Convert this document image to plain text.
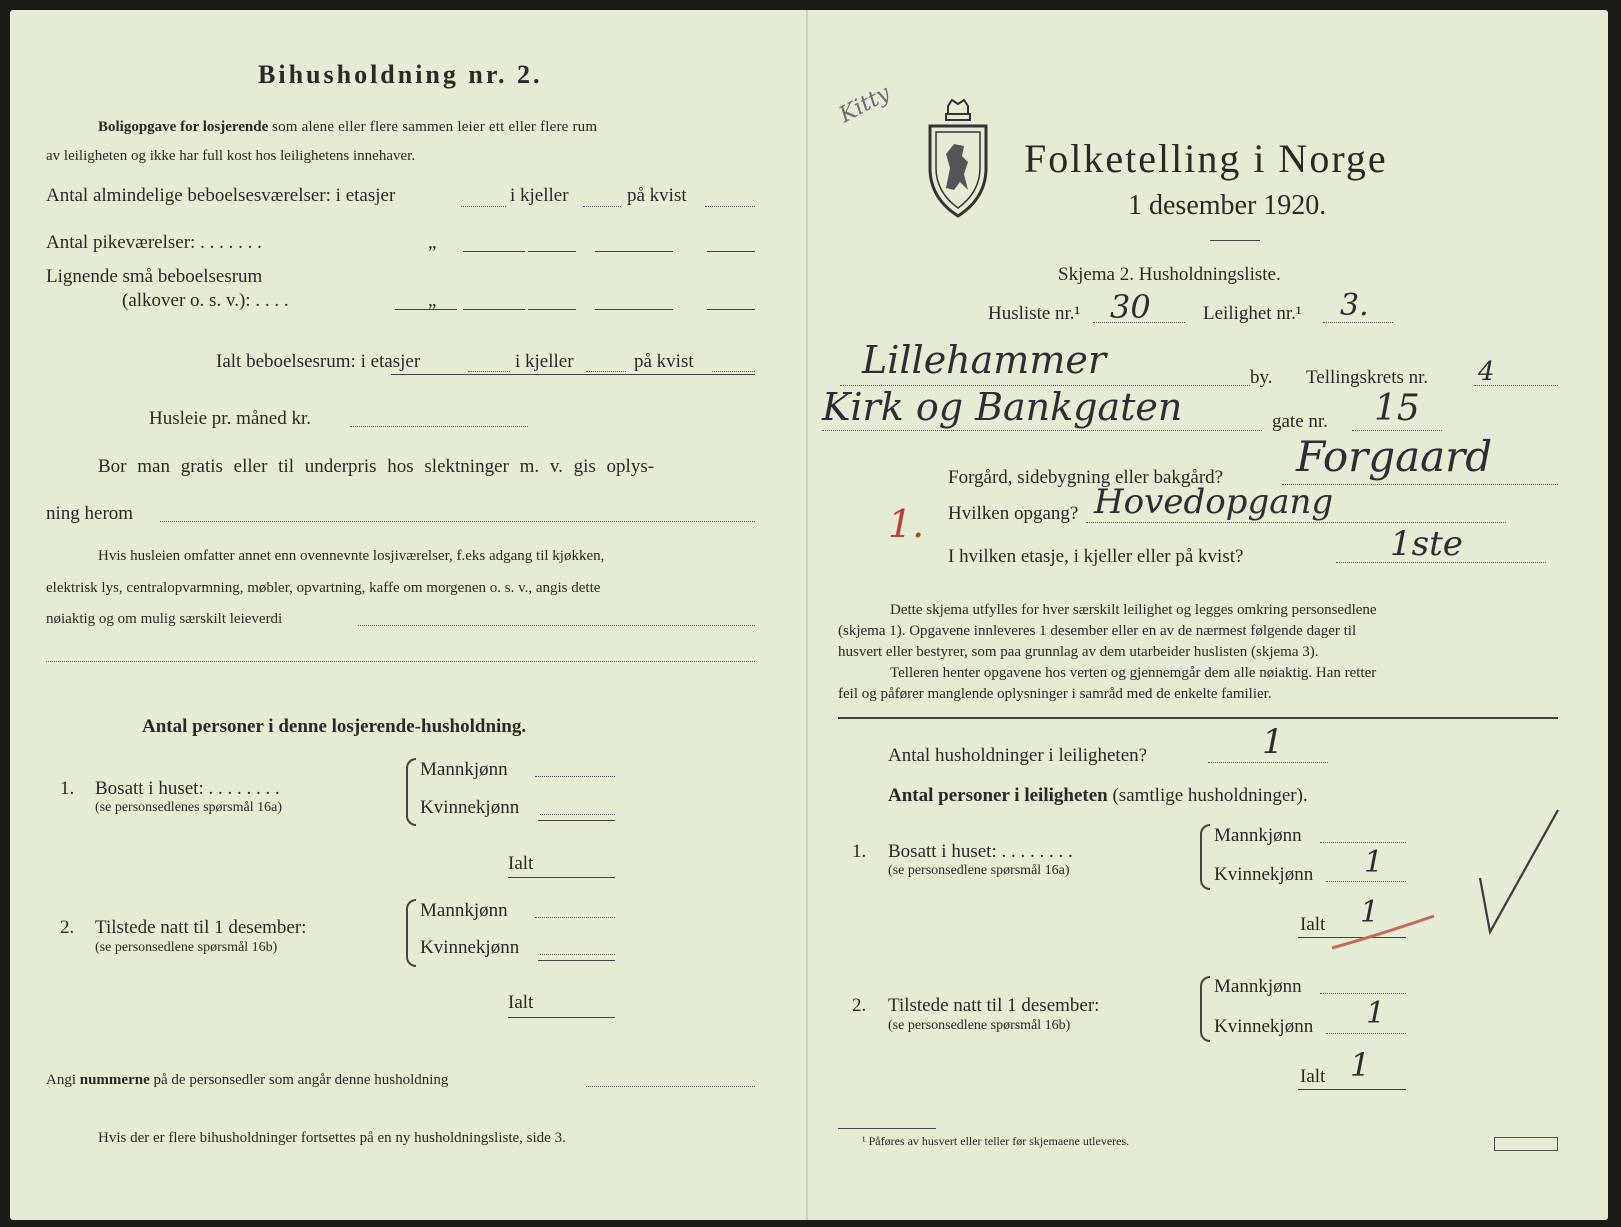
Bihusholdning nr. 2.
Boligopgave for losjerende som alene eller flere sammen leier ett eller flere rum
av leiligheten og ikke har full kost hos leilighetens innehaver.
Antal almindelige beboelsesværelser: i etasjer	i kjeller	på kvist
Antal pikeværelser: . . . . . . .	„
Lignende små beboelsesrum
(alkover o. s. v.): . . . .	„
Ialt beboelsesrum: i etasjer	i kjeller	på kvist
Husleie pr. måned kr.
Bor man gratis eller til underpris hos slektninger m. v. gis oplys-
ning herom
Hvis husleien omfatter annet enn ovennevnte losjiværelser, f.eks adgang til kjøkken,
elektrisk lys, centralopvarmning, møbler, opvartning, kaffe om morgenen o. s. v., angis dette
nøiaktig og om mulig særskilt leieverdi
Antal personer i denne losjerende-husholdning.
1. Bosatt i huset: . . . . . . . .
(se personsedlenes spørsmål 16a)
Mannkjønn
Kvinnekjønn
Ialt
2. Tilstede natt til 1 desember:
(se personsedlene spørsmål 16b)
Mannkjønn
Kvinnekjønn
Ialt
Angi nummerne på de personsedler som angår denne husholdning
Hvis der er flere bihusholdninger fortsettes på en ny husholdningsliste, side 3.
Kitty
Folketelling i Norge
1 desember 1920.
Skjema 2. Husholdningsliste.
Husliste nr.¹ 30	Leilighet nr.¹ 3.
Lillehammer	by. Tellingskrets nr. 4
Kirk og Bankgaten	gate nr. 15
Forgård, sidebygning eller bakgård? Forgaard
1. Hvilken opgang? Hovedopgang
I hvilken etasje, i kjeller eller på kvist?	1ste
Dette skjema utfylles for hver særskilt leilighet og legges omkring personsedlene
(skjema 1). Opgavene innleveres 1 desember eller en av de nærmest følgende dager til
husvert eller bestyrer, som paa grunnlag av dem utarbeider huslisten (skjema 3).
Telleren henter opgavene hos verten og gjennemgår dem alle nøiaktig. Han retter
feil og påfører manglende oplysninger i samråd med de enkelte familier.
Antal husholdninger i leiligheten?	1
Antal personer i leiligheten (samtlige husholdninger).
1. Bosatt i huset: . . . . . . . .
(se personsedlene spørsmål 16a)
Mannkjønn
Kvinnekjønn 1
Ialt 1
2. Tilstede natt til 1 desember:
(se personsedlene spørsmål 16b)
Mannkjønn
Kvinnekjønn 1
Ialt 1
¹ Påføres av husvert eller teller før skjemaene utleveres.
